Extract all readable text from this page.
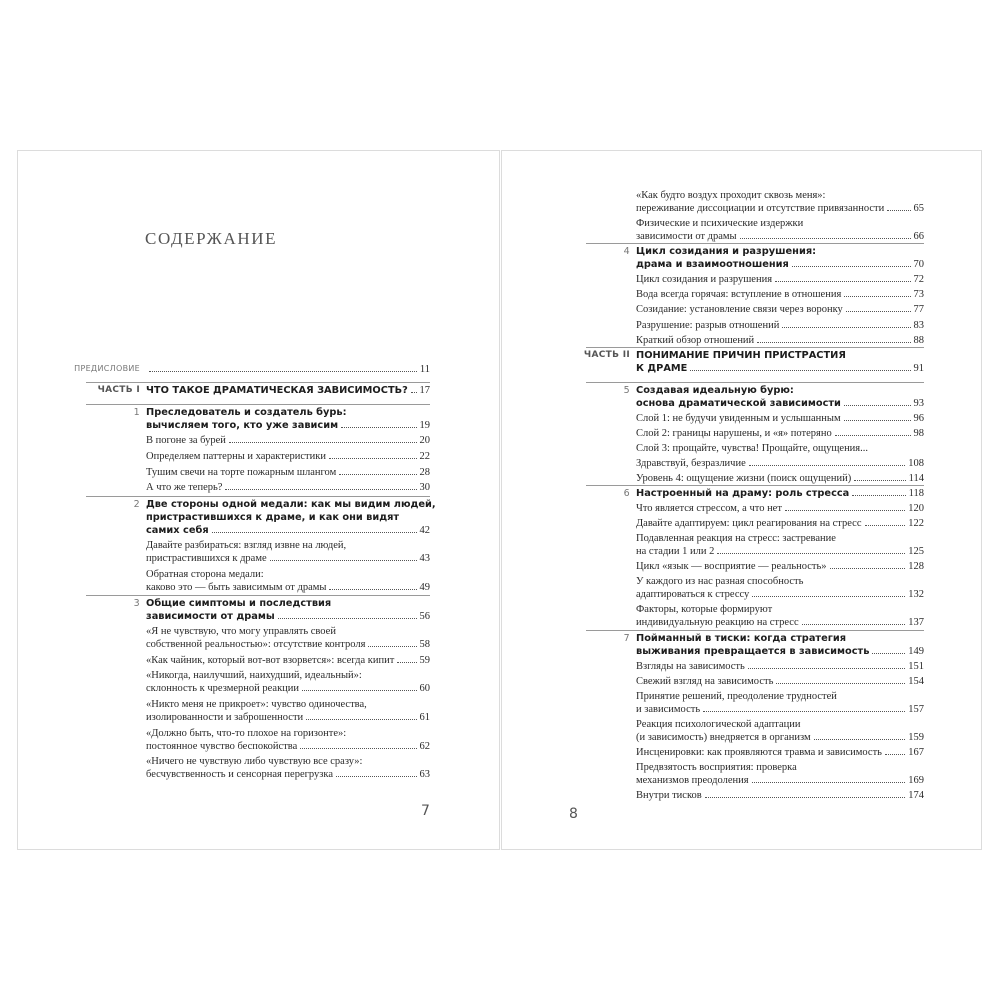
СОДЕРЖАНИЕ
7	8
ПРЕДИСЛОВИЕ	11
ЧАСТЬ I ЧТО ТАКОЕ ДРАМАТИЧЕСКАЯ ЗАВИСИМОСТЬ? 17
1 Преследователь и создатель бурь:
вычисляем того, кто уже зависим	19
В погоне за бурей	20
Определяем паттерны и характеристики	22
Тушим свечи на торте пожарным шлангом	28
А что же теперь?	30
2 Две стороны одной медали: как мы видим людей,
пристрастившихся к драме, и как они видят
самих себя	42
Давайте разбираться: взгляд извне на людей,
пристрастившихся к драме	43
Обратная сторона медали:
каково это — быть зависимым от драмы	49
3 Общие симптомы и последствия
зависимости от драмы	56
«Я не чувствую, что могу управлять своей
собственной реальностью»: отсутствие контроля	58
«Как чайник, который вот-вот взорвется»: всегда кипит 59
«Никогда, наилучший, наихудший, идеальный»:
склонность к чрезмерной реакции	60
«Никто меня не прикроет»: чувство одиночества,
изолированности и заброшенности	61
«Должно быть, что-то плохое на горизонте»:
постоянное чувство беспокойства	62
«Ничего не чувствую либо чувствую все сразу»:
бесчувственность и сенсорная перегрузка	63
«Как будто воздух проходит сквозь меня»:
переживание диссоциации и отсутствие привязанности	65
Физические и психические издержки
зависимости от драмы	66
4 Цикл созидания и разрушения:
драма и взаимоотношения	70
Цикл созидания и разрушения	72
Вода всегда горячая: вступление в отношения	73
Созидание: установление связи через воронку	77
Разрушение: разрыв отношений	83
Краткий обзор отношений	88
ЧАСТЬ II ПОНИМАНИЕ ПРИЧИН ПРИСТРАСТИЯ
К ДРАМЕ	91
5 Создавая идеальную бурю:
основа драматической зависимости	93
Слой 1: не будучи увиденным и услышанным	96
Слой 2: границы нарушены, и «я» потеряно	98
Слой 3: прощайте, чувства! Прощайте, ощущения...
Здравствуй, безразличие	108
Уровень 4: ощущение жизни (поиск ощущений)	114
6 Настроенный на драму: роль стресса	118
Что является стрессом, а что нет	120
Давайте адаптируем: цикл реагирования на стресс	122
Подавленная реакция на стресс: застревание
на стадии 1 или 2	125
Цикл «язык — восприятие — реальность»	128
У каждого из нас разная способность
адаптироваться к стрессу	132
Факторы, которые формируют
индивидуальную реакцию на стресс	137
7 Пойманный в тиски: когда стратегия
выживания превращается в зависимость	149
Взгляды на зависимость	151
Свежий взгляд на зависимость	154
Принятие решений, преодоление трудностей
и зависимость	157
Реакция психологической адаптации
(и зависимость) внедряется в организм	159
Инсценировки: как проявляются травма и зависимость	167
Предвзятость восприятия: проверка
механизмов преодоления	169
Внутри тисков	174
